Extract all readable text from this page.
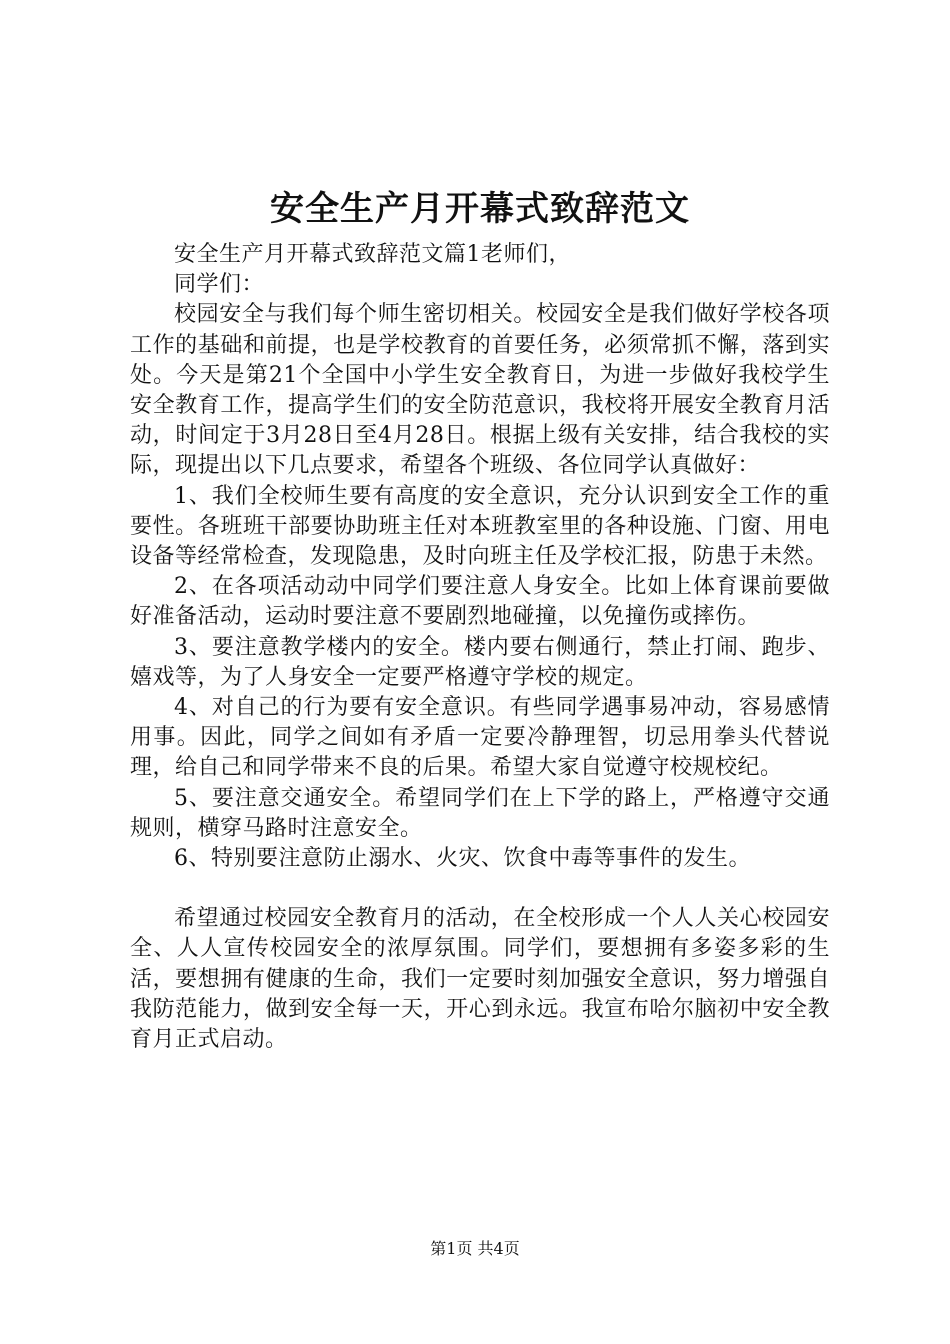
安全生产月开幕式致辞范文

安全生产月开幕式致辞范文篇1老师们，

同学们：

校园安全与我们每个师生密切相关。校园安全是我们做好学校各项工作的基础和前提，也是学校教育的首要任务，必须常抓不懈，落到实处。今天是第21个全国中小学生安全教育日，为进一步做好我校学生安全教育工作，提高学生们的安全防范意识，我校将开展安全教育月活动，时间定于3月28日至4月28日。根据上级有关安排，结合我校的实际，现提出以下几点要求，希望各个班级、各位同学认真做好：

1、我们全校师生要有高度的安全意识，充分认识到安全工作的重要性。各班班干部要协助班主任对本班教室里的各种设施、门窗、用电设备等经常检查，发现隐患，及时向班主任及学校汇报，防患于未然。

2、在各项活动动中同学们要注意人身安全。比如上体育课前要做好准备活动，运动时要注意不要剧烈地碰撞，以免撞伤或摔伤。

3、要注意教学楼内的安全。楼内要右侧通行，禁止打闹、跑步、嬉戏等，为了人身安全一定要严格遵守学校的规定。

4、对自己的行为要有安全意识。有些同学遇事易冲动，容易感情用事。因此，同学之间如有矛盾一定要冷静理智，切忌用拳头代替说理，给自己和同学带来不良的后果。希望大家自觉遵守校规校纪。

5、要注意交通安全。希望同学们在上下学的路上，严格遵守交通规则，横穿马路时注意安全。

6、特别要注意防止溺水、火灾、饮食中毒等事件的发生。

希望通过校园安全教育月的活动，在全校形成一个人人关心校园安全、人人宣传校园安全的浓厚氛围。同学们，要想拥有多姿多彩的生活，要想拥有健康的生命，我们一定要时刻加强安全意识，努力增强自我防范能力，做到安全每一天，开心到永远。我宣布哈尔脑初中安全教育月正式启动。

第1页 共4页
